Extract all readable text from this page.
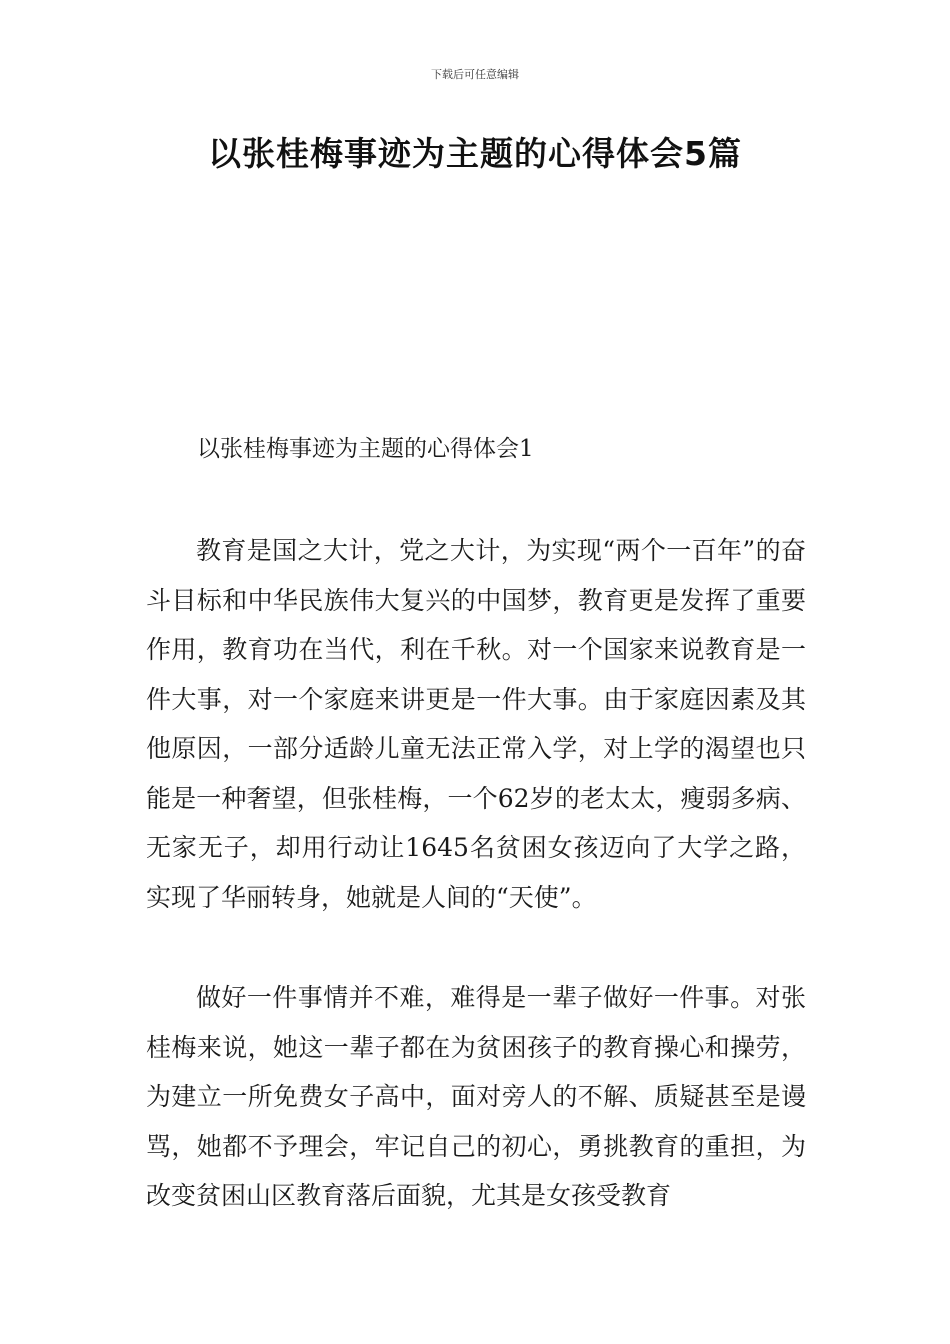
下载后可任意编辑
以张桂梅事迹为主题的心得体会5篇
以张桂梅事迹为主题的心得体会1

教育是国之大计，党之大计，为实现“两个一百年”的奋斗目标和中华民族伟大复兴的中国梦，教育更是发挥了重要作用，教育功在当代，利在千秋。对一个国家来说教育是一件大事，对一个家庭来讲更是一件大事。由于家庭因素及其他原因，一部分适龄儿童无法正常入学，对上学的渴望也只能是一种奢望，但张桂梅，一个62岁的老太太，瘦弱多病、无家无子，却用行动让1645名贫困女孩迈向了大学之路，实现了华丽转身，她就是人间的“天使”。

做好一件事情并不难，难得是一辈子做好一件事。对张桂梅来说，她这一辈子都在为贫困孩子的教育操心和操劳，为建立一所免费女子高中，面对旁人的不解、质疑甚至是谩骂，她都不予理会，牢记自己的初心，勇挑教育的重担，为改变贫困山区教育落后面貌，尤其是女孩受教育
